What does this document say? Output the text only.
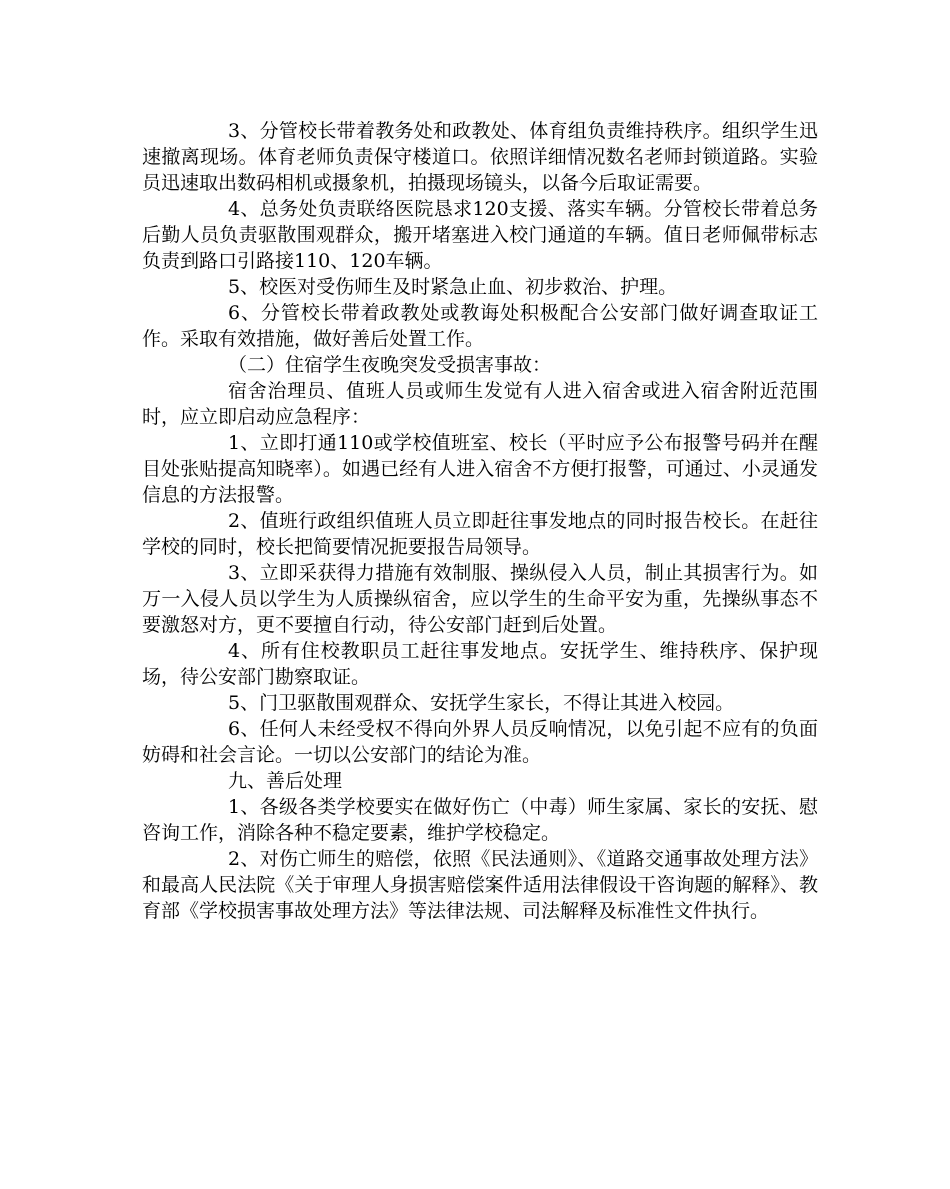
3、分管校长带着教务处和政教处、体育组负责维持秩序。组织学生迅速撤离现场。体育老师负责保守楼道口。依照详细情况数名老师封锁道路。实验员迅速取出数码相机或摄象机，拍摄现场镜头，以备今后取证需要。

4、总务处负责联络医院恳求120支援、落实车辆。分管校长带着总务后勤人员负责驱散围观群众，搬开堵塞进入校门通道的车辆。值日老师佩带标志负责到路口引路接110、120车辆。

5、校医对受伤师生及时紧急止血、初步救治、护理。

6、分管校长带着政教处或教诲处积极配合公安部门做好调查取证工作。采取有效措施，做好善后处置工作。

（二）住宿学生夜晚突发受损害事故：

宿舍治理员、值班人员或师生发觉有人进入宿舍或进入宿舍附近范围时，应立即启动应急程序：

1、立即打通110或学校值班室、校长（平时应予公布报警号码并在醒目处张贴提高知晓率）。如遇已经有人进入宿舍不方便打报警，可通过、小灵通发信息的方法报警。

2、值班行政组织值班人员立即赶往事发地点的同时报告校长。在赶往学校的同时，校长把简要情况扼要报告局领导。

3、立即采获得力措施有效制服、操纵侵入人员，制止其损害行为。如万一入侵人员以学生为人质操纵宿舍，应以学生的生命平安为重，先操纵事态不要激怒对方，更不要擅自行动，待公安部门赶到后处置。

4、所有住校教职员工赶往事发地点。安抚学生、维持秩序、保护现场，待公安部门勘察取证。

5、门卫驱散围观群众、安抚学生家长，不得让其进入校园。

6、任何人未经受权不得向外界人员反响情况，以免引起不应有的负面妨碍和社会言论。一切以公安部门的结论为准。

九、善后处理

1、各级各类学校要实在做好伤亡（中毒）师生家属、家长的安抚、慰咨询工作，消除各种不稳定要素，维护学校稳定。

2、对伤亡师生的赔偿，依照《民法通则》、《道路交通事故处理方法》和最高人民法院《关于审理人身损害赔偿案件适用法律假设干咨询题的解释》、教育部《学校损害事故处理方法》等法律法规、司法解释及标准性文件执行。
